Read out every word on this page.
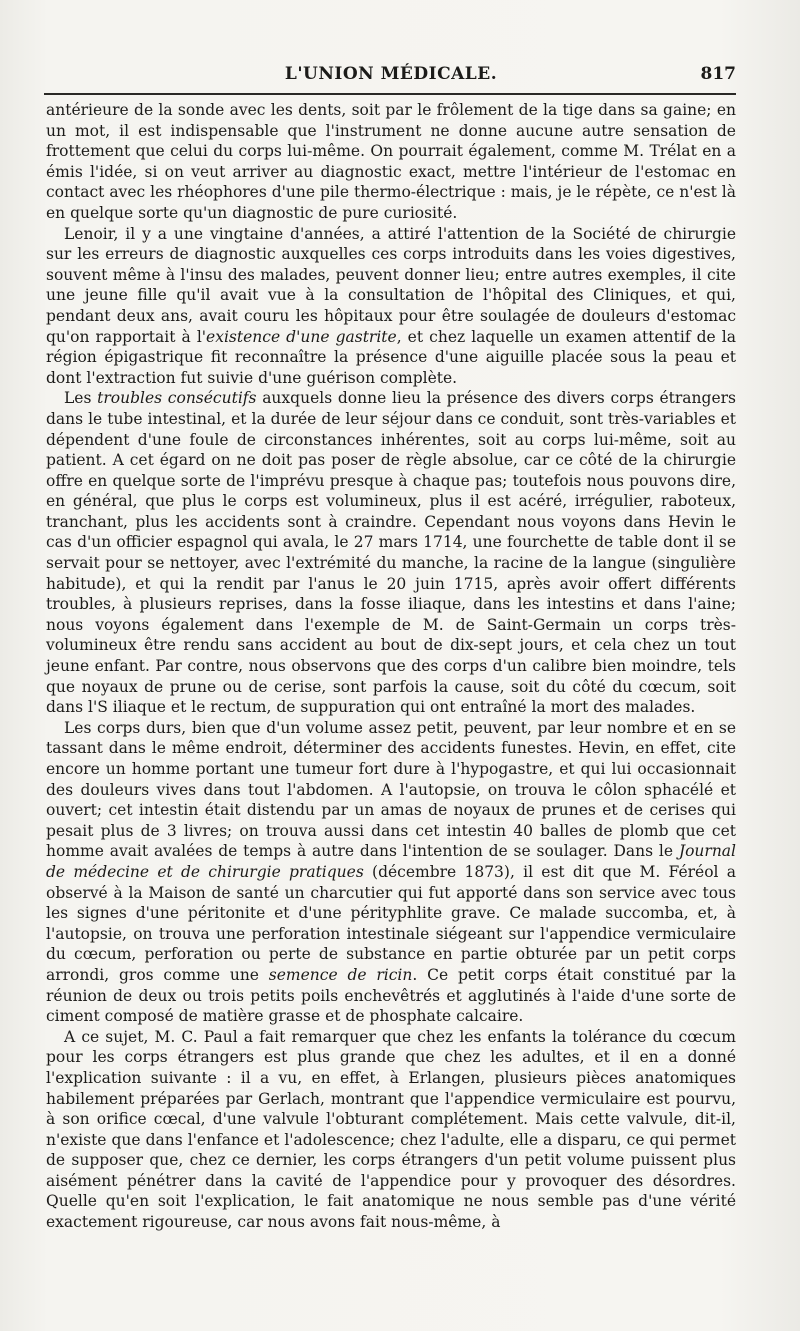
L'UNION MÉDICALE.	817

antérieure de la sonde avec les dents, soit par le frôlement de la tige dans sa gaine; en un mot, il est indispensable que l'instrument ne donne aucune autre sensation de frottement que celui du corps lui-même. On pourrait également, comme M. Trélat en a émis l'idée, si on veut arriver au diagnostic exact, mettre l'intérieur de l'estomac en contact avec les rhéophores d'une pile thermo-électrique : mais, je le répète, ce n'est là en quelque sorte qu'un diagnostic de pure curiosité.

Lenoir, il y a une vingtaine d'années, a attiré l'attention de la Société de chirurgie sur les erreurs de diagnostic auxquelles ces corps introduits dans les voies digestives, souvent même à l'insu des malades, peuvent donner lieu; entre autres exemples, il cite une jeune fille qu'il avait vue à la consultation de l'hôpital des Cliniques, et qui, pendant deux ans, avait couru les hôpitaux pour être soulagée de douleurs d'estomac qu'on rapportait à l'existence d'une gastrite, et chez laquelle un examen attentif de la région épigastrique fit reconnaître la présence d'une aiguille placée sous la peau et dont l'extraction fut suivie d'une guérison complète.

Les troubles consécutifs auxquels donne lieu la présence des divers corps étrangers dans le tube intestinal, et la durée de leur séjour dans ce conduit, sont très-variables et dépendent d'une foule de circonstances inhérentes, soit au corps lui-même, soit au patient. A cet égard on ne doit pas poser de règle absolue, car ce côté de la chirurgie offre en quelque sorte de l'imprévu presque à chaque pas; toutefois nous pouvons dire, en général, que plus le corps est volumineux, plus il est acéré, irrégulier, raboteux, tranchant, plus les accidents sont à craindre. Cependant nous voyons dans Hevin le cas d'un officier espagnol qui avala, le 27 mars 1714, une fourchette de table dont il se servait pour se nettoyer, avec l'extrémité du manche, la racine de la langue (singulière habitude), et qui la rendit par l'anus le 20 juin 1715, après avoir offert différents troubles, à plusieurs reprises, dans la fosse iliaque, dans les intestins et dans l'aine; nous voyons également dans l'exemple de M. de Saint-Germain un corps très-volumineux être rendu sans accident au bout de dix-sept jours, et cela chez un tout jeune enfant. Par contre, nous observons que des corps d'un calibre bien moindre, tels que noyaux de prune ou de cerise, sont parfois la cause, soit du côté du cœcum, soit dans l'S iliaque et le rectum, de suppuration qui ont entraîné la mort des malades.

Les corps durs, bien que d'un volume assez petit, peuvent, par leur nombre et en se tassant dans le même endroit, déterminer des accidents funestes. Hevin, en effet, cite encore un homme portant une tumeur fort dure à l'hypogastre, et qui lui occasionnait des douleurs vives dans tout l'abdomen. A l'autopsie, on trouva le côlon sphacélé et ouvert; cet intestin était distendu par un amas de noyaux de prunes et de cerises qui pesait plus de 3 livres; on trouva aussi dans cet intestin 40 balles de plomb que cet homme avait avalées de temps à autre dans l'intention de se soulager. Dans le Journal de médecine et de chirurgie pratiques (décembre 1873), il est dit que M. Féréol a observé à la Maison de santé un charcutier qui fut apporté dans son service avec tous les signes d'une péritonite et d'une pérityphlite grave. Ce malade succomba, et, à l'autopsie, on trouva une perforation intestinale siégeant sur l'appendice vermiculaire du cœcum, perforation ou perte de substance en partie obturée par un petit corps arrondi, gros comme une semence de ricin. Ce petit corps était constitué par la réunion de deux ou trois petits poils enchevêtrés et agglutinés à l'aide d'une sorte de ciment composé de matière grasse et de phosphate calcaire.

A ce sujet, M. C. Paul a fait remarquer que chez les enfants la tolérance du cœcum pour les corps étrangers est plus grande que chez les adultes, et il en a donné l'explication suivante : il a vu, en effet, à Erlangen, plusieurs pièces anatomiques habilement préparées par Gerlach, montrant que l'appendice vermiculaire est pourvu, à son orifice cœcal, d'une valvule l'obturant complétement. Mais cette valvule, dit-il, n'existe que dans l'enfance et l'adolescence; chez l'adulte, elle a disparu, ce qui permet de supposer que, chez ce dernier, les corps étrangers d'un petit volume puissent plus aisément pénétrer dans la cavité de l'appendice pour y provoquer des désordres. Quelle qu'en soit l'explication, le fait anatomique ne nous semble pas d'une vérité exactement rigoureuse, car nous avons fait nous-même, à
